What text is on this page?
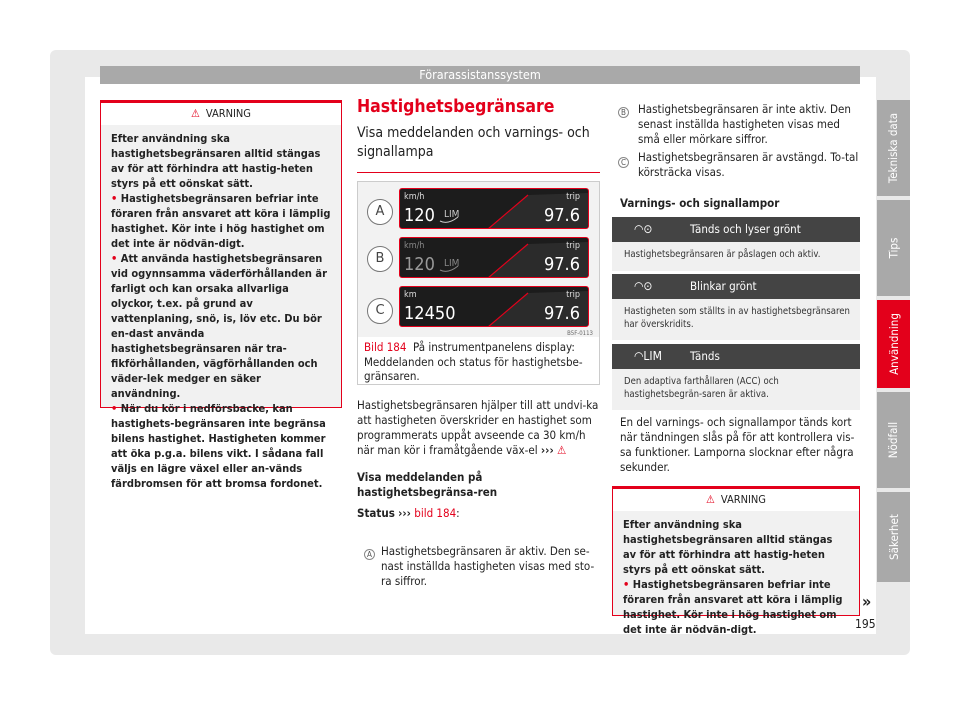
Förarassistanssystem
Tekniska data
Tips
Användning
Nödfall
Säkerhet
⚠ VARNING
Efter användning ska hastighetsbegränsaren alltid stängas av för att förhindra att hastig-heten styrs på ett oönskat sätt.
• Hastighetsbegränsaren befriar inte föraren från ansvaret att köra i lämplig hastighet. Kör inte i hög hastighet om det inte är nödvän-digt.
• Att använda hastighetsbegränsaren vid ogynnsamma väderförhållanden är farligt och kan orsaka allvarliga olyckor, t.ex. på grund av vattenplaning, snö, is, löv etc. Du bör en-dast använda hastighetsbegränsaren när tra-fikförhållanden, vägförhållanden och väder-lek medger en säker användning.
• När du kör i nedförsbacke, kan hastighets-begränsaren inte begränsa bilens hastighet. Hastigheten kommer att öka p.g.a. bilens vikt. I sådana fall väljs en lägre växel eller an-vänds färdbromsen för att bromsa fordonet.
Hastighetsbegränsare
Visa meddelanden och varnings- och signallampa
A
km/h
120 LIM
trip
97.6
B
km/h
120 LIM
trip
97.6
C
km
12450
trip
97.6
B5F-0113
Bild 184 På instrumentpanelens display: Meddelanden och status för hastighetsbe-gränsaren.

Hastighetsbegränsaren hjälper till att undvi-ka att hastigheten överskrider en hastighet som programmerats uppåt avseende ca 30 km/h när man kör i framåtgående väx-el ››› ⚠

Visa meddelanden på hastighetsbegränsa-ren

Status ››› bild 184:

A Hastighetsbegränsaren är aktiv. Den se-nast inställda hastigheten visas med sto-ra siffror.
B Hastighetsbegränsaren är inte aktiv. Den senast inställda hastigheten visas med små eller mörkare siffror.
C Hastighetsbegränsaren är avstängd. To-tal körsträcka visas.
Varnings- och signallampor
◠⊙	Tänds och lyser grönt
Hastighetsbegränsaren är påslagen och aktiv.
◠⊙	Blinkar grönt
Hastigheten som ställts in av hastighetsbegränsaren har överskridits.
◠LIM Tänds
Den adaptiva farthållaren (ACC) och hastighetsbegrän-saren är aktiva.
En del varnings- och signallampor tänds kort när tändningen slås på för att kontrollera vis-sa funktioner. Lamporna slocknar efter några sekunder.
⚠ VARNING
Efter användning ska hastighetsbegränsaren alltid stängas av för att förhindra att hastig-heten styrs på ett oönskat sätt.
• Hastighetsbegränsaren befriar inte föraren från ansvaret att köra i lämplig hastighet. Kör inte i hög hastighet om det inte är nödvän-digt.
»
195
